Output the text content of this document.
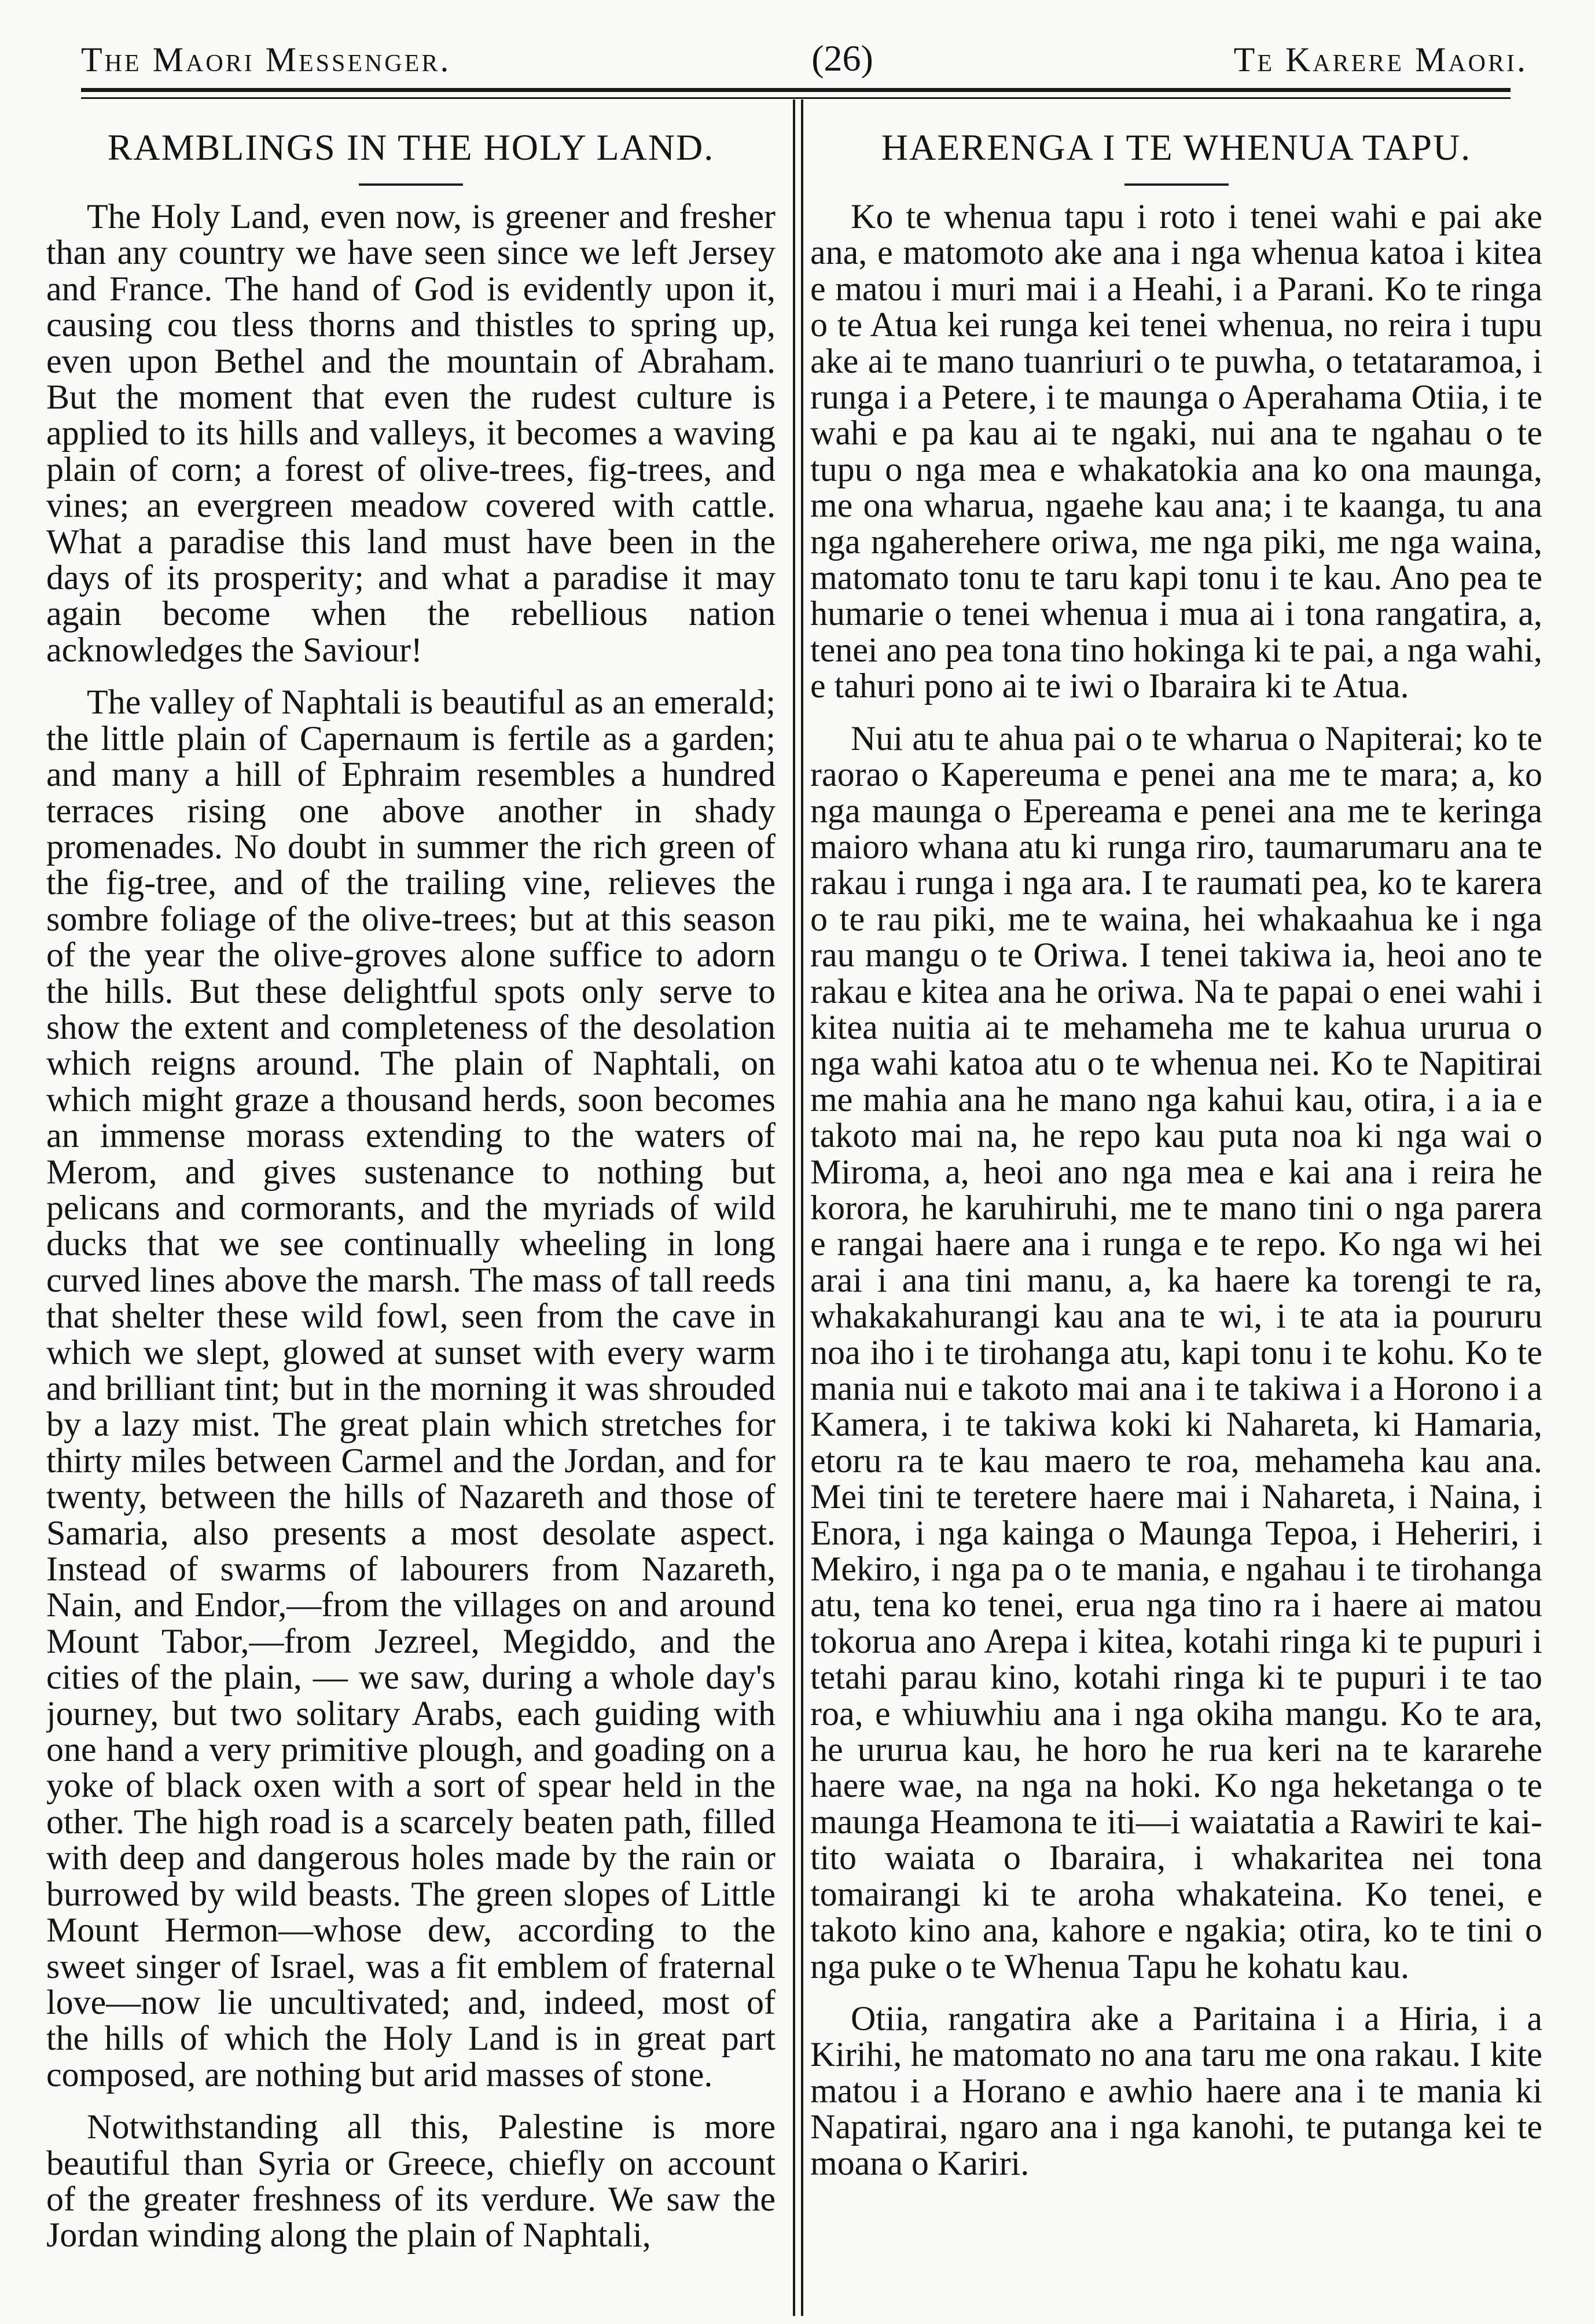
The Maori Messenger.	(26)	Te Karere Maori.
RAMBLINGS IN THE HOLY LAND.

The Holy Land, even now, is greener and fresher than any country we have seen since we left Jersey and France. The hand of God is evidently upon it, causing cou tless thorns and thistles to spring up, even upon Bethel and the mountain of Abraham. But the moment that even the rudest culture is applied to its hills and valleys, it becomes a waving plain of corn; a forest of olive-trees, fig-trees, and vines; an evergreen meadow covered with cattle. What a paradise this land must have been in the days of its prosperity; and what a paradise it may again become when the rebellious nation acknowledges the Saviour!

The valley of Naphtali is beautiful as an emerald; the little plain of Capernaum is fertile as a garden; and many a hill of Ephraim resembles a hundred terraces rising one above another in shady promenades. No doubt in summer the rich green of the fig-tree, and of the trailing vine, relieves the sombre foliage of the olive-trees; but at this season of the year the olive-groves alone suffice to adorn the hills. But these delightful spots only serve to show the extent and completeness of the desolation which reigns around. The plain of Naphtali, on which might graze a thousand herds, soon becomes an immense morass extending to the waters of Merom, and gives sustenance to nothing but pelicans and cormorants, and the myriads of wild ducks that we see continually wheeling in long curved lines above the marsh. The mass of tall reeds that shelter these wild fowl, seen from the cave in which we slept, glowed at sunset with every warm and brilliant tint; but in the morning it was shrouded by a lazy mist. The great plain which stretches for thirty miles between Carmel and the Jordan, and for twenty, between the hills of Nazareth and those of Samaria, also presents a most desolate aspect. Instead of swarms of labourers from Nazareth, Nain, and Endor,—from the villages on and around Mount Tabor,—from Jezreel, Megiddo, and the cities of the plain, — we saw, during a whole day's journey, but two solitary Arabs, each guiding with one hand a very primitive plough, and goading on a yoke of black oxen with a sort of spear held in the other. The high road is a scarcely beaten path, filled with deep and dangerous holes made by the rain or burrowed by wild beasts. The green slopes of Little Mount Hermon—whose dew, according to the sweet singer of Israel, was a fit emblem of fraternal love—now lie uncultivated; and, indeed, most of the hills of which the Holy Land is in great part composed, are nothing but arid masses of stone.

Notwithstanding all this, Palestine is more beautiful than Syria or Greece, chiefly on account of the greater freshness of its verdure. We saw the Jordan winding along the plain of Naphtali,

HAERENGA I TE WHENUA TAPU.

Ko te whenua tapu i roto i tenei wahi e pai ake ana, e matomoto ake ana i nga whenua katoa i kitea e matou i muri mai i a Heahi, i a Parani. Ko te ringa o te Atua kei runga kei tenei whenua, no reira i tupu ake ai te mano tuanriuri o te puwha, o tetataramoa, i runga i a Petere, i te maunga o Aperahama Otiia, i te wahi e pa kau ai te ngaki, nui ana te ngahau o te tupu o nga mea e whakatokia ana ko ona maunga, me ona wharua, ngaehe kau ana; i te kaanga, tu ana nga ngaherehere oriwa, me nga piki, me nga waina, matomato tonu te taru kapi tonu i te kau. Ano pea te humarie o tenei whenua i mua ai i tona rangatira, a, tenei ano pea tona tino hokinga ki te pai, a nga wahi, e tahuri pono ai te iwi o Ibaraira ki te Atua.

Nui atu te ahua pai o te wharua o Napiterai; ko te raorao o Kapereuma e penei ana me te mara; a, ko nga maunga o Epereama e penei ana me te keringa maioro whana atu ki runga riro, taumarumaru ana te rakau i runga i nga ara. I te raumati pea, ko te karera o te rau piki, me te waina, hei whakaahua ke i nga rau mangu o te Oriwa. I tenei takiwa ia, heoi ano te rakau e kitea ana he oriwa. Na te papai o enei wahi i kitea nuitia ai te mehameha me te kahua ururua o nga wahi katoa atu o te whenua nei. Ko te Napitirai me mahia ana he mano nga kahui kau, otira, i a ia e takoto mai na, he repo kau puta noa ki nga wai o Miroma, a, heoi ano nga mea e kai ana i reira he korora, he karuhiruhi, me te mano tini o nga parera e rangai haere ana i runga e te repo. Ko nga wi hei arai i ana tini manu, a, ka haere ka torengi te ra, whakakahurangi kau ana te wi, i te ata ia poururu noa iho i te tirohanga atu, kapi tonu i te kohu. Ko te mania nui e takoto mai ana i te takiwa i a Horono i a Kamera, i te takiwa koki ki Nahareta, ki Hamaria, etoru ra te kau maero te roa, mehameha kau ana. Mei tini te teretere haere mai i Nahareta, i Naina, i Enora, i nga kainga o Maunga Tepoa, i Heheriri, i Mekiro, i nga pa o te mania, e ngahau i te tirohanga atu, tena ko tenei, erua nga tino ra i haere ai matou tokorua ano Arepa i kitea, kotahi ringa ki te pupuri i tetahi parau kino, kotahi ringa ki te pupuri i te tao roa, e whiuwhiu ana i nga okiha mangu. Ko te ara, he ururua kau, he horo he rua keri na te kararehe haere wae, na nga na hoki. Ko nga heketanga o te maunga Heamona te iti—i waiatatia a Rawiri te kai-tito waiata o Ibaraira, i whakaritea nei tona tomairangi ki te aroha whakateina. Ko tenei, e takoto kino ana, kahore e ngakia; otira, ko te tini o nga puke o te Whenua Tapu he kohatu kau.

Otiia, rangatira ake a Paritaina i a Hiria, i a Kirihi, he matomato no ana taru me ona rakau. I kite matou i a Horano e awhio haere ana i te mania ki Napatirai, ngaro ana i nga kanohi, te putanga kei te moana o Kariri.
